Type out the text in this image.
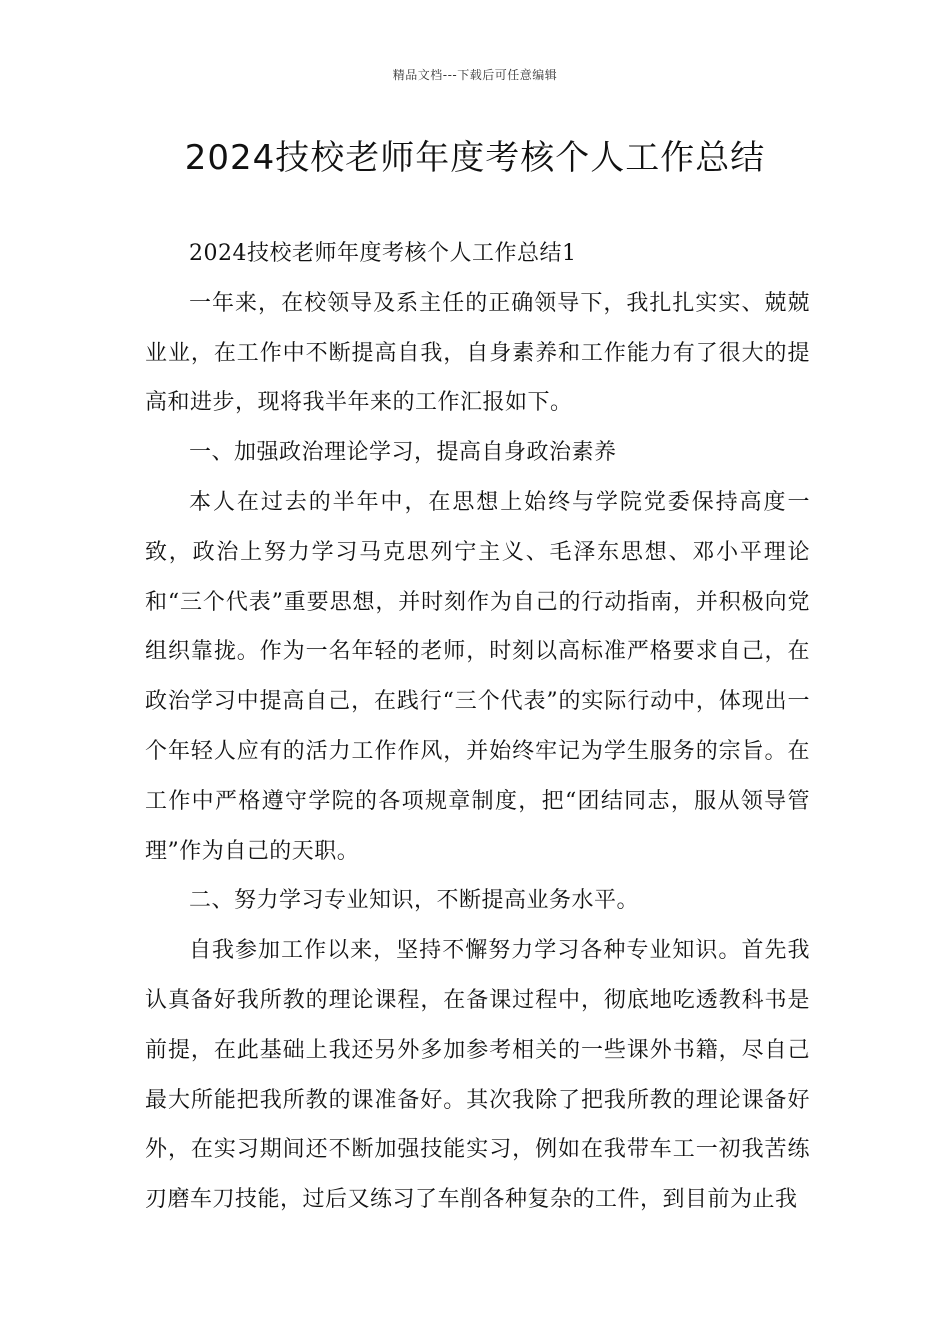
精品文档---下载后可任意编辑
2024技校老师年度考核个人工作总结

2024技校老师年度考核个人工作总结1

一年来，在校领导及系主任的正确领导下，我扎扎实实、兢兢业业，在工作中不断提高自我，自身素养和工作能力有了很大的提高和进步，现将我半年来的工作汇报如下。

一、加强政治理论学习，提高自身政治素养

本人在过去的半年中，在思想上始终与学院党委保持高度一致，政治上努力学习马克思列宁主义、毛泽东思想、邓小平理论和“三个代表”重要思想，并时刻作为自己的行动指南，并积极向党组织靠拢。作为一名年轻的老师，时刻以高标准严格要求自己，在政治学习中提高自己，在践行“三个代表”的实际行动中，体现出一个年轻人应有的活力工作作风，并始终牢记为学生服务的宗旨。在工作中严格遵守学院的各项规章制度，把“团结同志，服从领导管理”作为自己的天职。

二、努力学习专业知识，不断提高业务水平。

自我参加工作以来，坚持不懈努力学习各种专业知识。首先我认真备好我所教的理论课程，在备课过程中，彻底地吃透教科书是前提，在此基础上我还另外多加参考相关的一些课外书籍，尽自己最大所能把我所教的课准备好。其次我除了把我所教的理论课备好外，在实习期间还不断加强技能实习，例如在我带车工一初我苦练刃磨车刀技能，过后又练习了车削各种复杂的工件，到目前为止我
